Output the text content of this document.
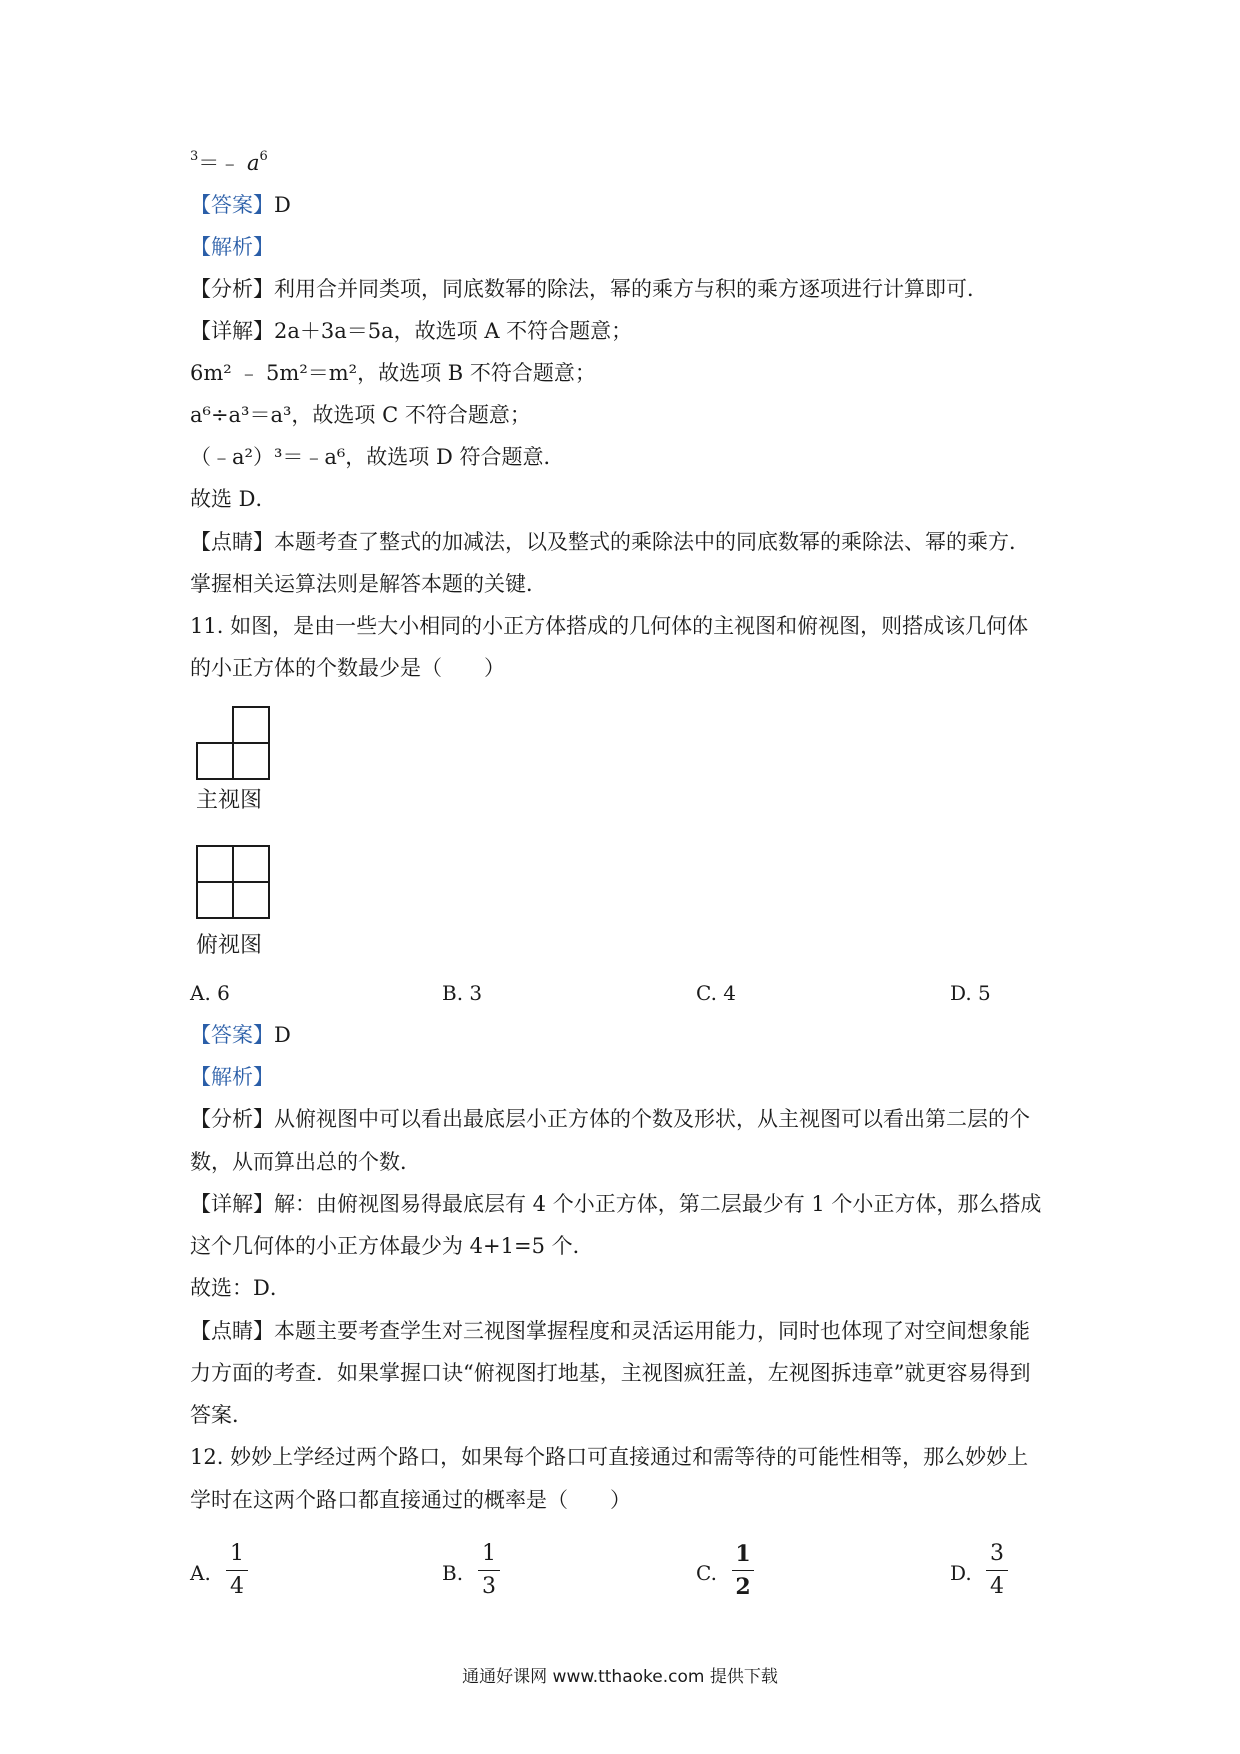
$^3$＝﹣ $a^6$
【答案】D
【解析】
【分析】利用合并同类项，同底数幂的除法，幂的乘方与积的乘方逐项进行计算即可．
【详解】2a＋3a＝5a，故选项 A 不符合题意；
6m² ﹣ 5m²＝m²，故选项 B 不符合题意；
a⁶÷a³＝a³，故选项 C 不符合题意；
（﹣a²）³＝﹣a⁶，故选项 D 符合题意．
故选 D．
【点睛】本题考查了整式的加减法，以及整式的乘除法中的同底数幂的乘除法、幂的乘方．
掌握相关运算法则是解答本题的关键．
11. 如图，是由一些大小相同的小正方体搭成的几何体的主视图和俯视图，则搭成该几何体
的小正方体的个数最少是（　　）
主视图
俯视图
A. 6	B. 3	C. 4	D. 5
【答案】D
【解析】
【分析】从俯视图中可以看出最底层小正方体的个数及形状，从主视图可以看出第二层的个
数，从而算出总的个数．
【详解】解：由俯视图易得最底层有 4 个小正方体，第二层最少有 1 个小正方体，那么搭成
这个几何体的小正方体最少为 4+1=5 个．
故选：D．
【点睛】本题主要考查学生对三视图掌握程度和灵活运用能力，同时也体现了对空间想象能
力方面的考查．如果掌握口诀“俯视图打地基，主视图疯狂盖，左视图拆违章”就更容易得到
答案．
12. 妙妙上学经过两个路口，如果每个路口可直接通过和需等待的可能性相等，那么妙妙上
学时在这两个路口都直接通过的概率是（　　）
A.
1
4
B.
1
3
C.
1
2
D.
3
4
通通好课网 www.tthaoke.com 提供下载
